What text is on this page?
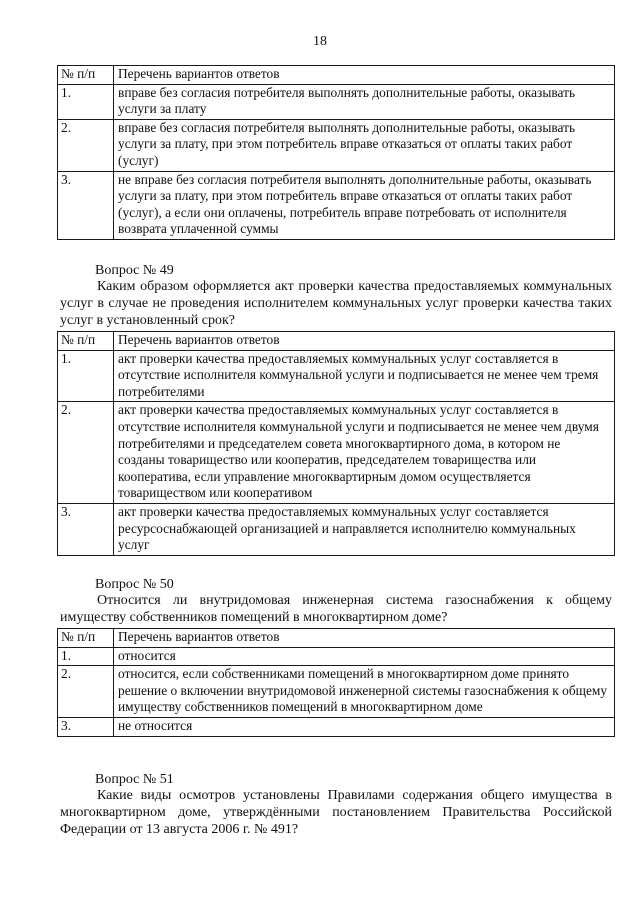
18
№ п/п	Перечень вариантов ответов
1.	вправе без согласия потребителя выполнять дополнительные работы, оказывать услуги за плату
2.	вправе без согласия потребителя выполнять дополнительные работы, оказывать услуги за плату, при этом потребитель вправе отказаться от оплаты таких работ (услуг)
3.	не вправе без согласия потребителя выполнять дополнительные работы, оказывать услуги за плату, при этом потребитель вправе отказаться от оплаты таких работ (услуг), а если они оплачены, потребитель вправе потребовать от исполнителя возврата уплаченной суммы
Вопрос № 49
Каким образом оформляется акт проверки качества предоставляемых коммунальных услуг в случае не проведения исполнителем коммунальных услуг проверки качества таких услуг в установленный срок?
№ п/п	Перечень вариантов ответов
1.	акт проверки качества предоставляемых коммунальных услуг составляется в отсутствие исполнителя коммунальной услуги и подписывается не менее чем тремя потребителями
2.	акт проверки качества предоставляемых коммунальных услуг составляется в отсутствие исполнителя коммунальной услуги и подписывается не менее чем двумя потребителями и председателем совета многоквартирного дома, в котором не созданы товарищество или кооператив, председателем товарищества или кооператива, если управление многоквартирным домом осуществляется товариществом или кооперативом
3.	акт проверки качества предоставляемых коммунальных услуг составляется ресурсоснабжающей организацией и направляется исполнителю коммунальных услуг
Вопрос № 50
Относится ли внутридомовая инженерная система газоснабжения к общему имуществу собственников помещений в многоквартирном доме?
№ п/п	Перечень вариантов ответов
1.	относится
2.	относится, если собственниками помещений в многоквартирном доме принято решение о включении внутридомовой инженерной системы газоснабжения к общему имуществу собственников помещений в многоквартирном доме
3.	не относится
Вопрос № 51
Какие виды осмотров установлены Правилами содержания общего имущества в многоквартирном доме, утверждёнными постановлением Правительства Российской Федерации от 13 августа 2006 г. № 491?
